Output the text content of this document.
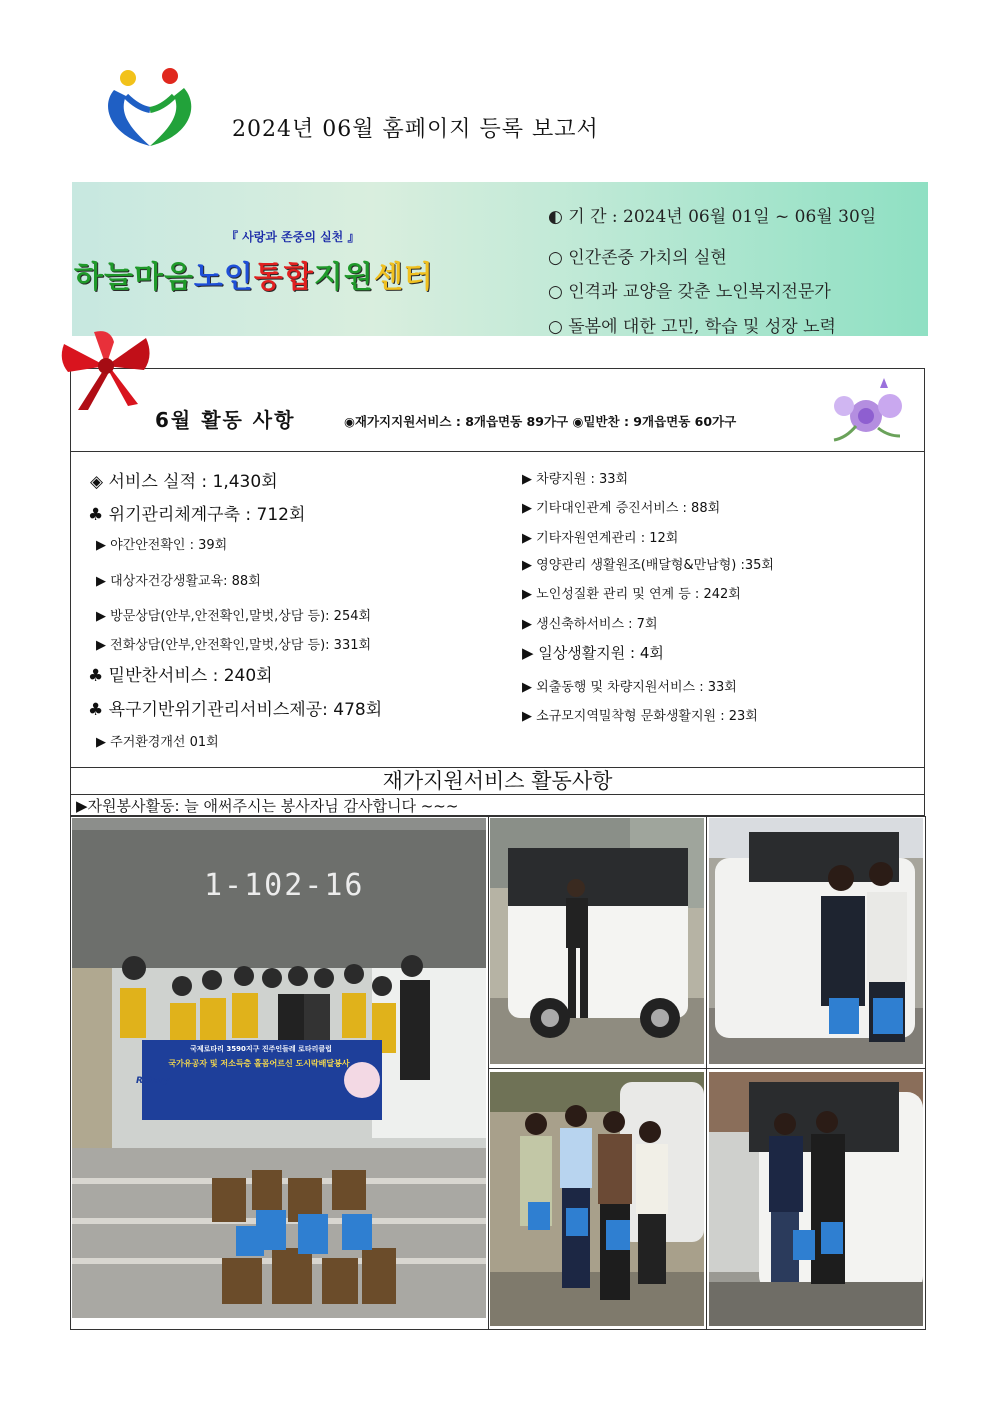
2024년 06월 홈페이지 등록 보고서
『 사랑과 존중의 실천 』
하늘마음노인통합지원센터
◐ 기 간 : 2024년 06월 01일 ~ 06월 30일
○ 인간존중 가치의 실현
○ 인격과 교양을 갖춘 노인복지전문가
○ 돌봄에 대한 고민, 학습 및 성장 노력
6월 활동 사항	◉재가지지원서비스 : 8개읍면동 89가구 ◉밑반찬 : 9개읍면동 60가구
◈ 서비스 실적 : 1,430회
♣ 위기관리체계구축 : 712회
▶ 야간안전확인 : 39회
▶ 대상자건강생활교육: 88회
▶ 방문상담(안부,안전확인,말벗,상담 등): 254회
▶ 전화상담(안부,안전확인,말벗,상담 등): 331회
♣ 밑반찬서비스 : 240회
♣ 욕구기반위기관리서비스제공: 478회
▶ 주거환경개선 01회
▶ 차량지원 : 33회
▶ 기타대인관계 증진서비스 : 88회
▶ 기타자원연계관리 : 12회
▶ 영양관리 생활원조(배달형&만남형) :35회
▶ 노인성질환 관리 및 연계 등 : 242회
▶ 생신축하서비스 : 7회
▶ 일상생활지원 : 4회
▶ 외출동행 및 차량지원서비스 : 33회
▶ 소규모지역밀착형 문화생활지원 : 23회
재가지원서비스 활동사항
▶자원봉사활동: 늘 애써주시는 봉사자님 감사합니다 ~~~
1-102-16
국제로타리 3590지구 진주인들레 로타리클럽
국가유공자 및 저소득층 홀몸어르신 도시락배달봉사
Rotary
